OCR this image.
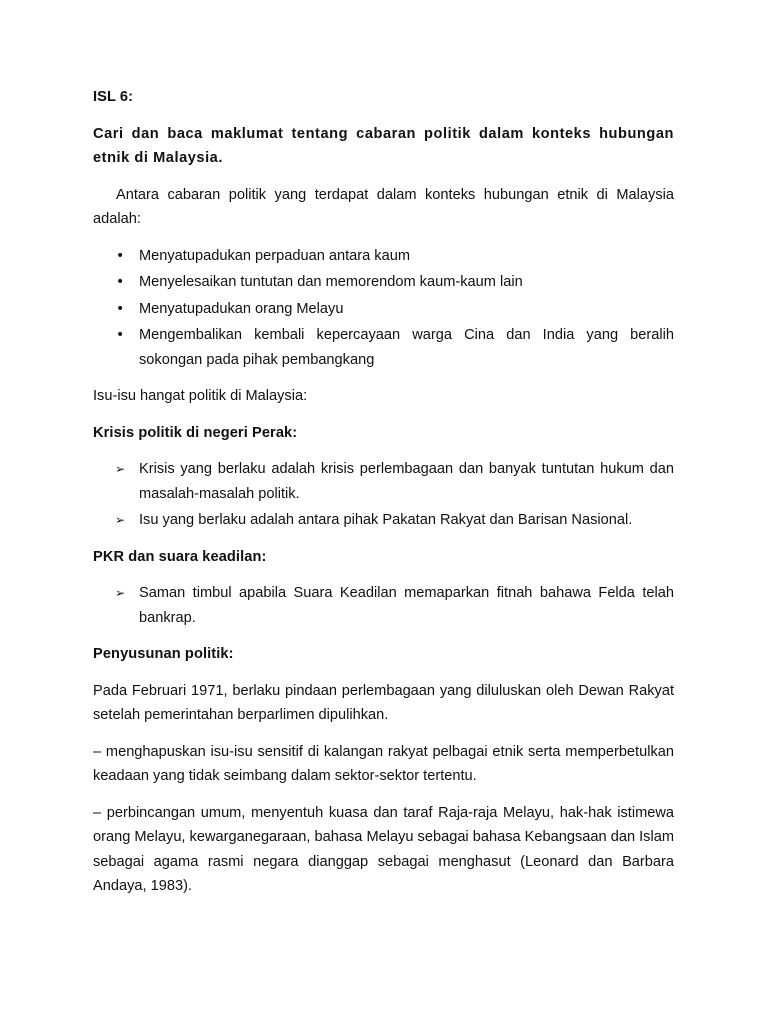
ISL 6:

Cari dan baca maklumat tentang cabaran politik dalam konteks hubungan etnik di Malaysia.

Antara cabaran politik yang terdapat dalam konteks hubungan etnik di Malaysia adalah:

•	Menyatupadukan perpaduan antara kaum
•	Menyelesaikan tuntutan dan memorendom kaum-kaum lain
•	Menyatupadukan orang Melayu
•	Mengembalikan kembali kepercayaan warga Cina dan India yang beralih sokongan pada pihak pembangkang

Isu-isu hangat politik di Malaysia:

Krisis politik di negeri Perak:

➢ Krisis yang berlaku adalah krisis perlembagaan dan banyak tuntutan hukum dan masalah-masalah politik.
➢ Isu yang berlaku adalah antara pihak Pakatan Rakyat dan Barisan Nasional.

PKR dan suara keadilan:

➢ Saman timbul apabila Suara Keadilan memaparkan fitnah bahawa Felda telah bankrap.

Penyusunan politik:

Pada Februari 1971, berlaku pindaan perlembagaan yang diluluskan oleh Dewan Rakyat setelah pemerintahan berparlimen dipulihkan.

– menghapuskan isu-isu sensitif di kalangan rakyat pelbagai etnik serta memperbetulkan keadaan yang tidak seimbang dalam sektor-sektor tertentu.

– perbincangan umum, menyentuh kuasa dan taraf Raja-raja Melayu, hak-hak istimewa orang Melayu, kewarganegaraan, bahasa Melayu sebagai bahasa Kebangsaan dan Islam sebagai agama rasmi negara dianggap sebagai menghasut (Leonard dan Barbara Andaya, 1983).
